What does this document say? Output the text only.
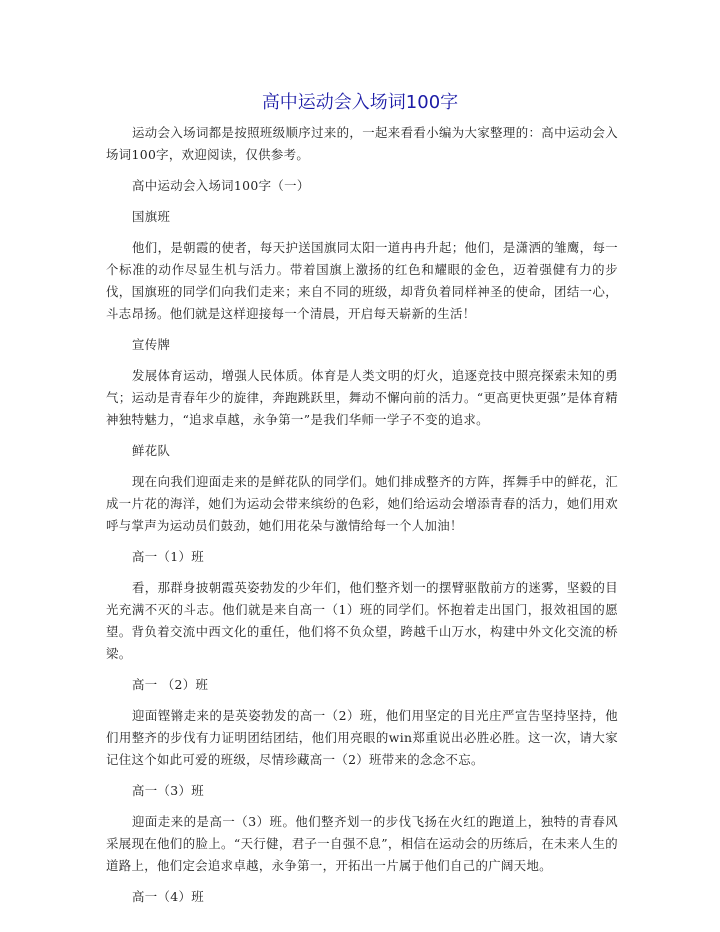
高中运动会入场词100字

运动会入场词都是按照班级顺序过来的，一起来看看小编为大家整理的：高中运动会入场词100字，欢迎阅读，仅供参考。

高中运动会入场词100字（一）

国旗班

他们，是朝霞的使者，每天护送国旗同太阳一道冉冉升起；他们，是潇洒的雏鹰，每一个标准的动作尽显生机与活力。带着国旗上激扬的红色和耀眼的金色，迈着强健有力的步伐，国旗班的同学们向我们走来；来自不同的班级，却背负着同样神圣的使命，团结一心，斗志昂扬。他们就是这样迎接每一个清晨，开启每天崭新的生活！

宣传牌

发展体育运动，增强人民体质。体育是人类文明的灯火，追逐竞技中照亮探索未知的勇气；运动是青春年少的旋律，奔跑跳跃里，舞动不懈向前的活力。“更高更快更强”是体育精神独特魅力，“追求卓越，永争第一”是我们华师一学子不变的追求。

鲜花队

现在向我们迎面走来的是鲜花队的同学们。她们排成整齐的方阵，挥舞手中的鲜花，汇成一片花的海洋，她们为运动会带来缤纷的色彩，她们给运动会增添青春的活力，她们用欢呼与掌声为运动员们鼓劲，她们用花朵与激情给每一个人加油！

高一（1）班

看，那群身披朝霞英姿勃发的少年们，他们整齐划一的摆臂驱散前方的迷雾，坚毅的目光充满不灭的斗志。他们就是来自高一（1）班的同学们。怀抱着走出国门，报效祖国的愿望。背负着交流中西文化的重任，他们将不负众望，跨越千山万水，构建中外文化交流的桥梁。

高一 （2）班

迎面铿锵走来的是英姿勃发的高一（2）班，他们用坚定的目光庄严宣告坚持坚持，他们用整齐的步伐有力证明团结团结，他们用亮眼的win郑重说出必胜必胜。这一次，请大家记住这个如此可爱的班级，尽情珍藏高一（2）班带来的念念不忘。

高一（3）班

迎面走来的是高一（3）班。他们整齐划一的步伐飞扬在火红的跑道上，独特的青春风采展现在他们的脸上。“天行健，君子一自强不息”，相信在运动会的历练后，在未来人生的道路上，他们定会追求卓越，永争第一，开拓出一片属于他们自己的广阔天地。

高一（4）班
